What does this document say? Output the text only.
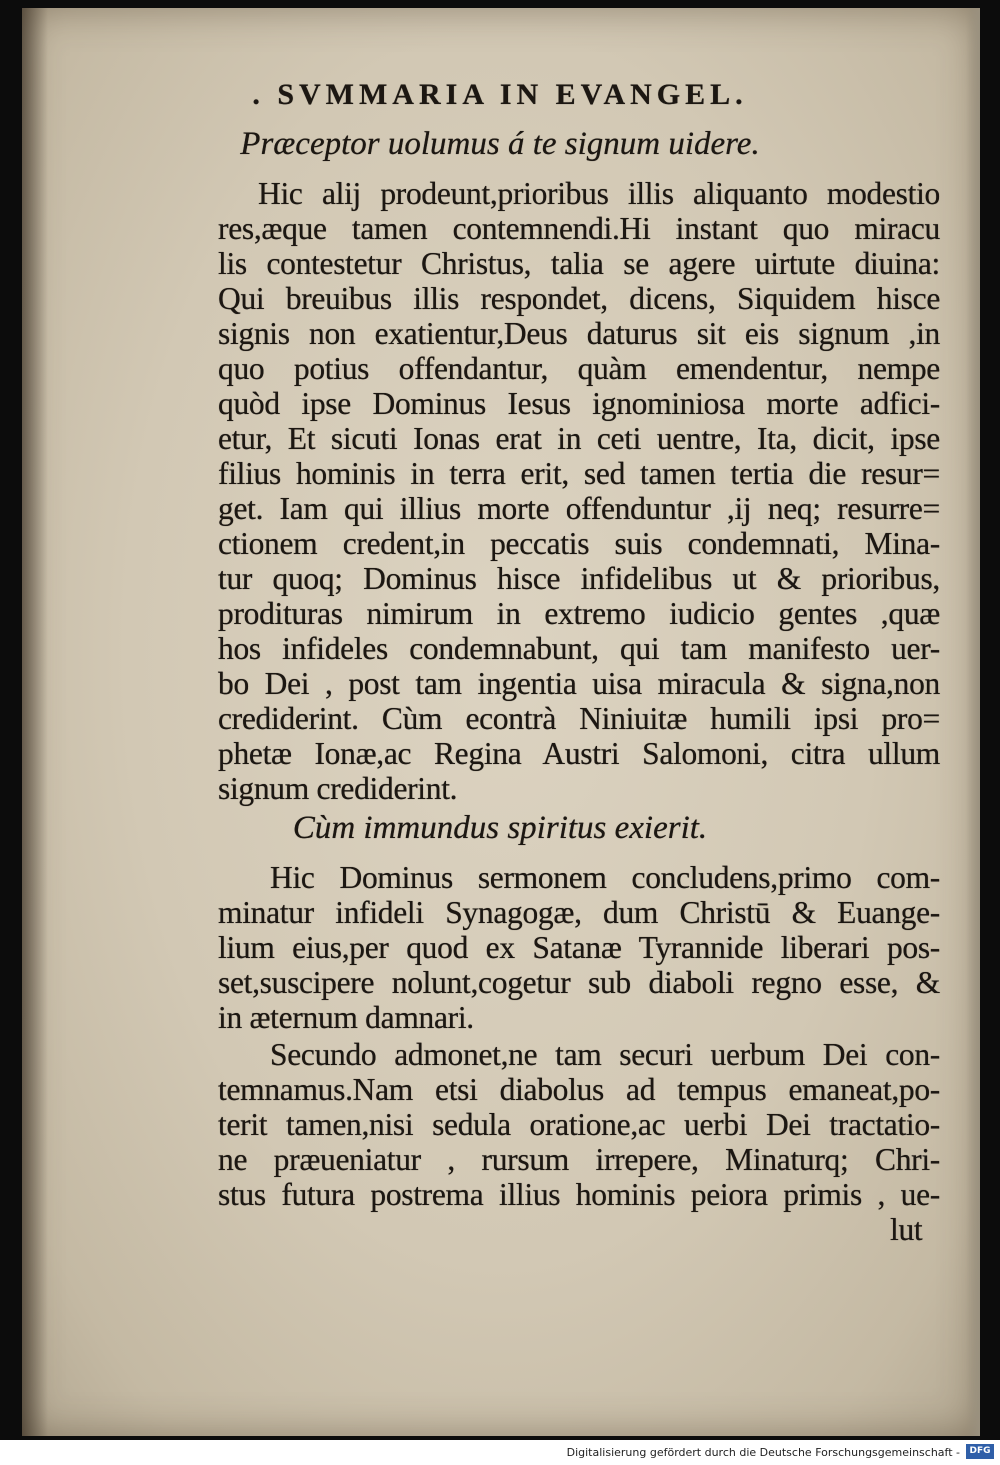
. SVMMARIA IN EVANGEL.
Præceptor uolumus á te signum uidere.
Hic alij prodeunt,prioribus illis aliquanto modestio
res,æque tamen contemnendi.Hi instant quo miracu
lis contestetur Christus, talia se agere uirtute diuina:
Qui breuibus illis respondet, dicens, Siquidem hisce
signis non exatientur,Deus daturus sit eis signum ,in
quo potius offendantur, quàm emendentur, nempe
quòd ipse Dominus Iesus ignominiosa morte adfici-
etur, Et sicuti Ionas erat in ceti uentre, Ita, dicit, ipse
filius hominis in terra erit, sed tamen tertia die resur=
get. Iam qui illius morte offenduntur ,ij neq; resurre=
ctionem credent,in peccatis suis condemnati, Mina-
tur quoq; Dominus hisce infidelibus ut & prioribus,
prodituras nimirum in extremo iudicio gentes ,quæ
hos infideles condemnabunt, qui tam manifesto uer-
bo Dei , post tam ingentia uisa miracula & signa,non
crediderint. Cùm econtrà Niniuitæ humili ipsi pro=
phetæ Ionæ,ac Regina Austri Salomoni, citra ullum
signum crediderint.
Cùm immundus spiritus exierit.
Hic Dominus sermonem concludens,primo com-
minatur infideli Synagogæ, dum Christū & Euange-
lium eius,per quod ex Satanæ Tyrannide liberari pos-
set,suscipere nolunt,cogetur sub diaboli regno esse, &
in æternum damnari.
Secundo admonet,ne tam securi uerbum Dei con-
temnamus.Nam etsi diabolus ad tempus emaneat,po-
terit tamen,nisi sedula oratione,ac uerbi Dei tractatio-
ne præueniatur , rursum irrepere, Minaturq; Chri-
stus futura postrema illius hominis peiora primis , ue-
lut
Digitalisierung gefördert durch die Deutsche Forschungsgemeinschaft -	DFG
